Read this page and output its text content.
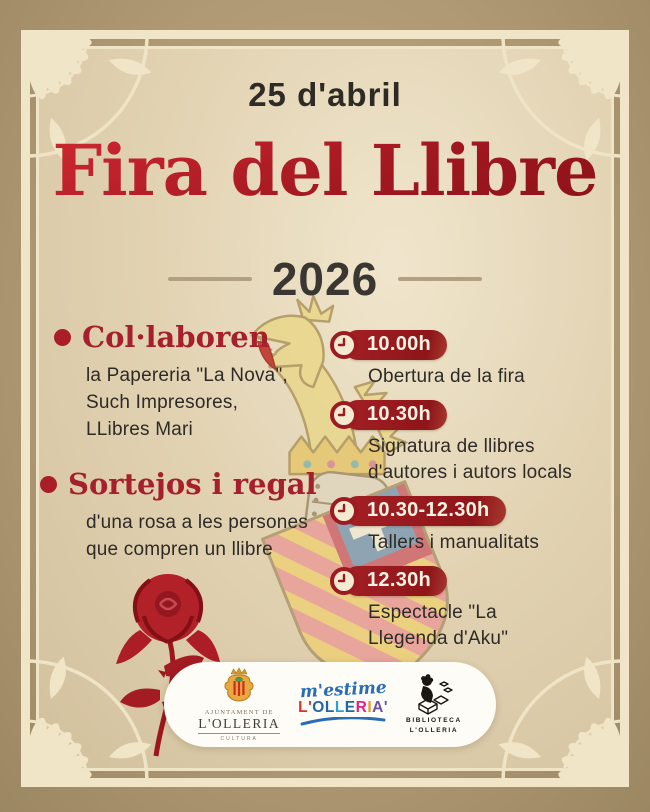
25 d'abril
Fira del Llibre
2026
Col·laboren
la Papereria "La Nova",
Such Impresores,
LLibres Mari
Sortejos i regal
d'una rosa a les persones
que compren un llibre
10.00h
Obertura de la fira
10.30h
Signatura de llibres
d'autores i autors locals
10.30-12.30h
Tallers i manualitats
12.30h
Espectacle "La
Llegenda d'Aku"
AJUNTAMENT DE
L'OLLERIA
CULTURA
m'estime
L'OLLERIA'
BIBLIOTECA
L'OLLERIA
